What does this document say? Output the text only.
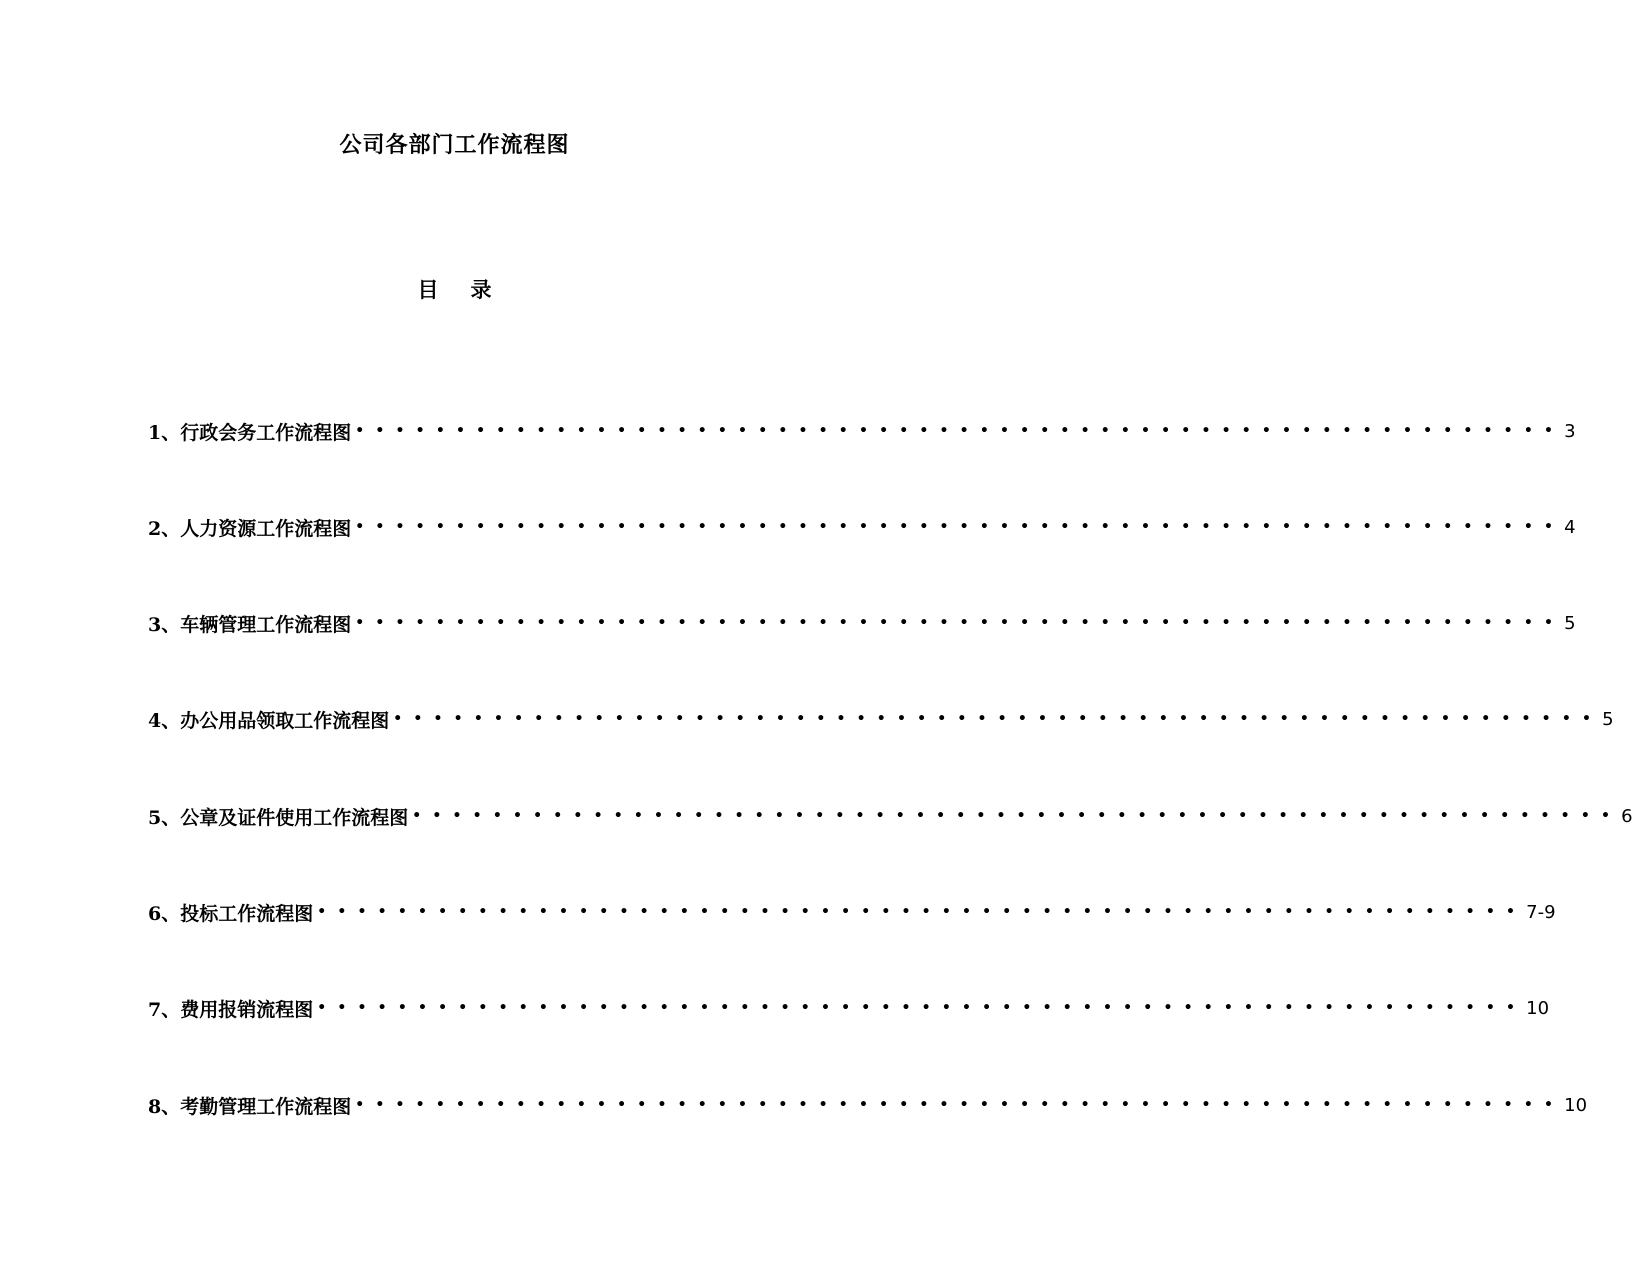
公司各部门工作流程图
目 录
1、行政会务工作流程图 •••••••••••••••••••••••••••••••••••••••••••••••••••••••••••• 3
2、人力资源工作流程图 •••••••••••••••••••••••••••••••••••••••••••••••••••••••••••• 4
3、车辆管理工作流程图 •••••••••••••••••••••••••••••••••••••••••••••••••••••••••••• 5
4、办公用品领取工作流程图 •••••••••••••••••••••••••••••••••••••••••••••••••••••••••••• 5
5、公章及证件使用工作流程图 •••••••••••••••••••••••••••••••••••••••••••••••••••••••••••• 6
6、投标工作流程图 •••••••••••••••••••••••••••••••••••••••••••••••••••••••••••• 7-9
7、费用报销流程图 •••••••••••••••••••••••••••••••••••••••••••••••••••••••••••• 10
8、考勤管理工作流程图 •••••••••••••••••••••••••••••••••••••••••••••••••••••••••••• 10
